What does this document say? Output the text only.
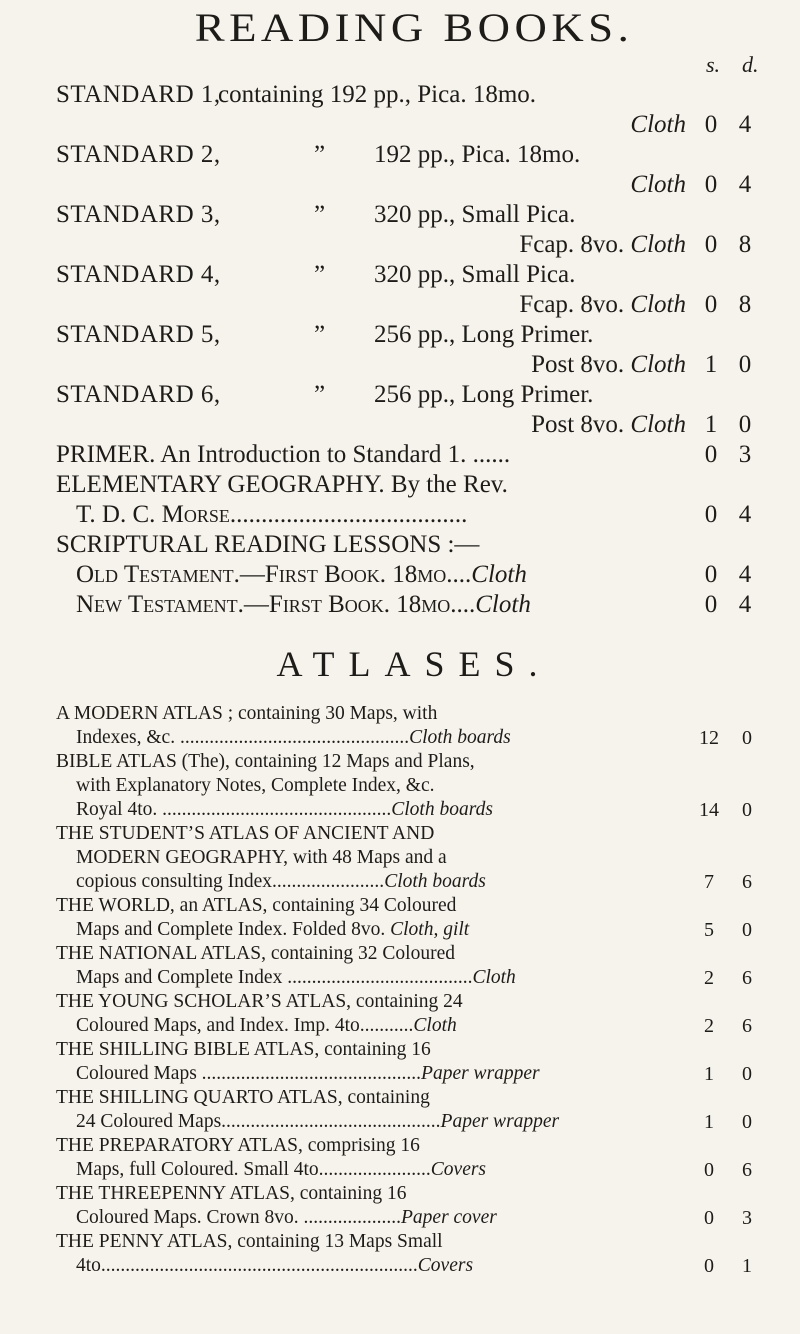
READING BOOKS.
s. d.
STANDARD 1,
containing 192 pp., Pica. 18mo.
Cloth 0 4
STANDARD 2,	” 192 pp., Pica. 18mo.
Cloth 0 4
STANDARD 3,	” 320 pp., Small Pica.
Fcap. 8vo. Cloth 0 8
STANDARD 4,	” 320 pp., Small Pica.
Fcap. 8vo. Cloth 0 8
STANDARD 5,	” 256 pp., Long Primer.
Post 8vo. Cloth 1 0
STANDARD 6,	” 256 pp., Long Primer.
Post 8vo. Cloth 1 0
PRIMER. An Introduction to Standard 1. ......	0 3
ELEMENTARY GEOGRAPHY. By the Rev.
T. D. C. Morse......................................	0 4
SCRIPTURAL READING LESSONS :—
Old Testament.—First Book. 18mo....Cloth	0 4
New Testament.—First Book. 18mo....Cloth	0 4
ATLASES.
A MODERN ATLAS ; containing 30 Maps, with
Indexes, &c. ...............................................Cloth boards	12	0
BIBLE ATLAS (The), containing 12 Maps and Plans,
with Explanatory Notes, Complete Index, &c.
Royal 4to. ...............................................Cloth boards	14	0
THE STUDENT’S ATLAS OF ANCIENT AND
MODERN GEOGRAPHY, with 48 Maps and a
copious consulting Index.......................Cloth boards	7	6
THE WORLD, an ATLAS, containing 34 Coloured
Maps and Complete Index. Folded 8vo. Cloth, gilt	5	0
THE NATIONAL ATLAS, containing 32 Coloured
Maps and Complete Index ......................................Cloth	2	6
THE YOUNG SCHOLAR’S ATLAS, containing 24
Coloured Maps, and Index. Imp. 4to...........Cloth	2	6
THE SHILLING BIBLE ATLAS, containing 16
Coloured Maps .............................................Paper wrapper	1	0
THE SHILLING QUARTO ATLAS, containing
24 Coloured Maps.............................................Paper wrapper	1	0
THE PREPARATORY ATLAS, comprising 16
Maps, full Coloured. Small 4to.......................Covers	0	6
THE THREEPENNY ATLAS, containing 16
Coloured Maps. Crown 8vo. ....................Paper cover	0	3
THE PENNY ATLAS, containing 13 Maps Small
4to.................................................................Covers	0	1
